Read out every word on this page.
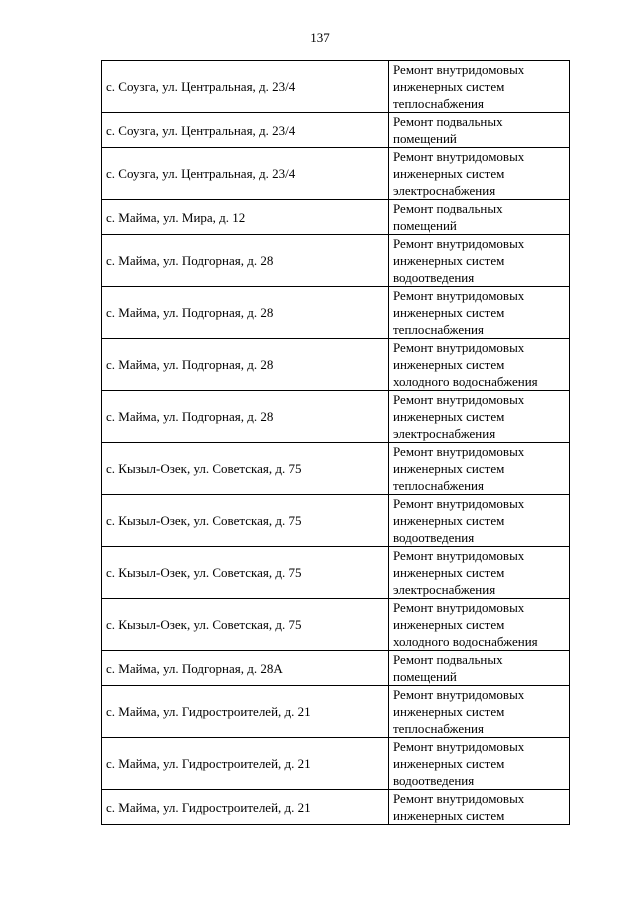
137
с. Соузга, ул. Центральная, д. 23/4	Ремонт внутридомовых
инженерных систем
теплоснабжения

с. Соузга, ул. Центральная, д. 23/4	Ремонт подвальных
помещений

с. Соузга, ул. Центральная, д. 23/4	Ремонт внутридомовых
инженерных систем
электроснабжения

с. Майма, ул. Мира, д. 12	Ремонт подвальных
помещений

с. Майма, ул. Подгорная, д. 28	Ремонт внутридомовых
инженерных систем
водоотведения

с. Майма, ул. Подгорная, д. 28	Ремонт внутридомовых
инженерных систем
теплоснабжения

с. Майма, ул. Подгорная, д. 28	Ремонт внутридомовых
инженерных систем
холодного водоснабжения

с. Майма, ул. Подгорная, д. 28	Ремонт внутридомовых
инженерных систем
электроснабжения

с. Кызыл-Озек, ул. Советская, д. 75	Ремонт внутридомовых
инженерных систем
теплоснабжения

с. Кызыл-Озек, ул. Советская, д. 75	Ремонт внутридомовых
инженерных систем
водоотведения

с. Кызыл-Озек, ул. Советская, д. 75	Ремонт внутридомовых
инженерных систем
электроснабжения

с. Кызыл-Озек, ул. Советская, д. 75	Ремонт внутридомовых
инженерных систем
холодного водоснабжения

с. Майма, ул. Подгорная, д. 28А	Ремонт подвальных
помещений

с. Майма, ул. Гидростроителей, д. 21	Ремонт внутридомовых
инженерных систем
теплоснабжения

с. Майма, ул. Гидростроителей, д. 21	Ремонт внутридомовых
инженерных систем
водоотведения

с. Майма, ул. Гидростроителей, д. 21	Ремонт внутридомовых
инженерных систем
